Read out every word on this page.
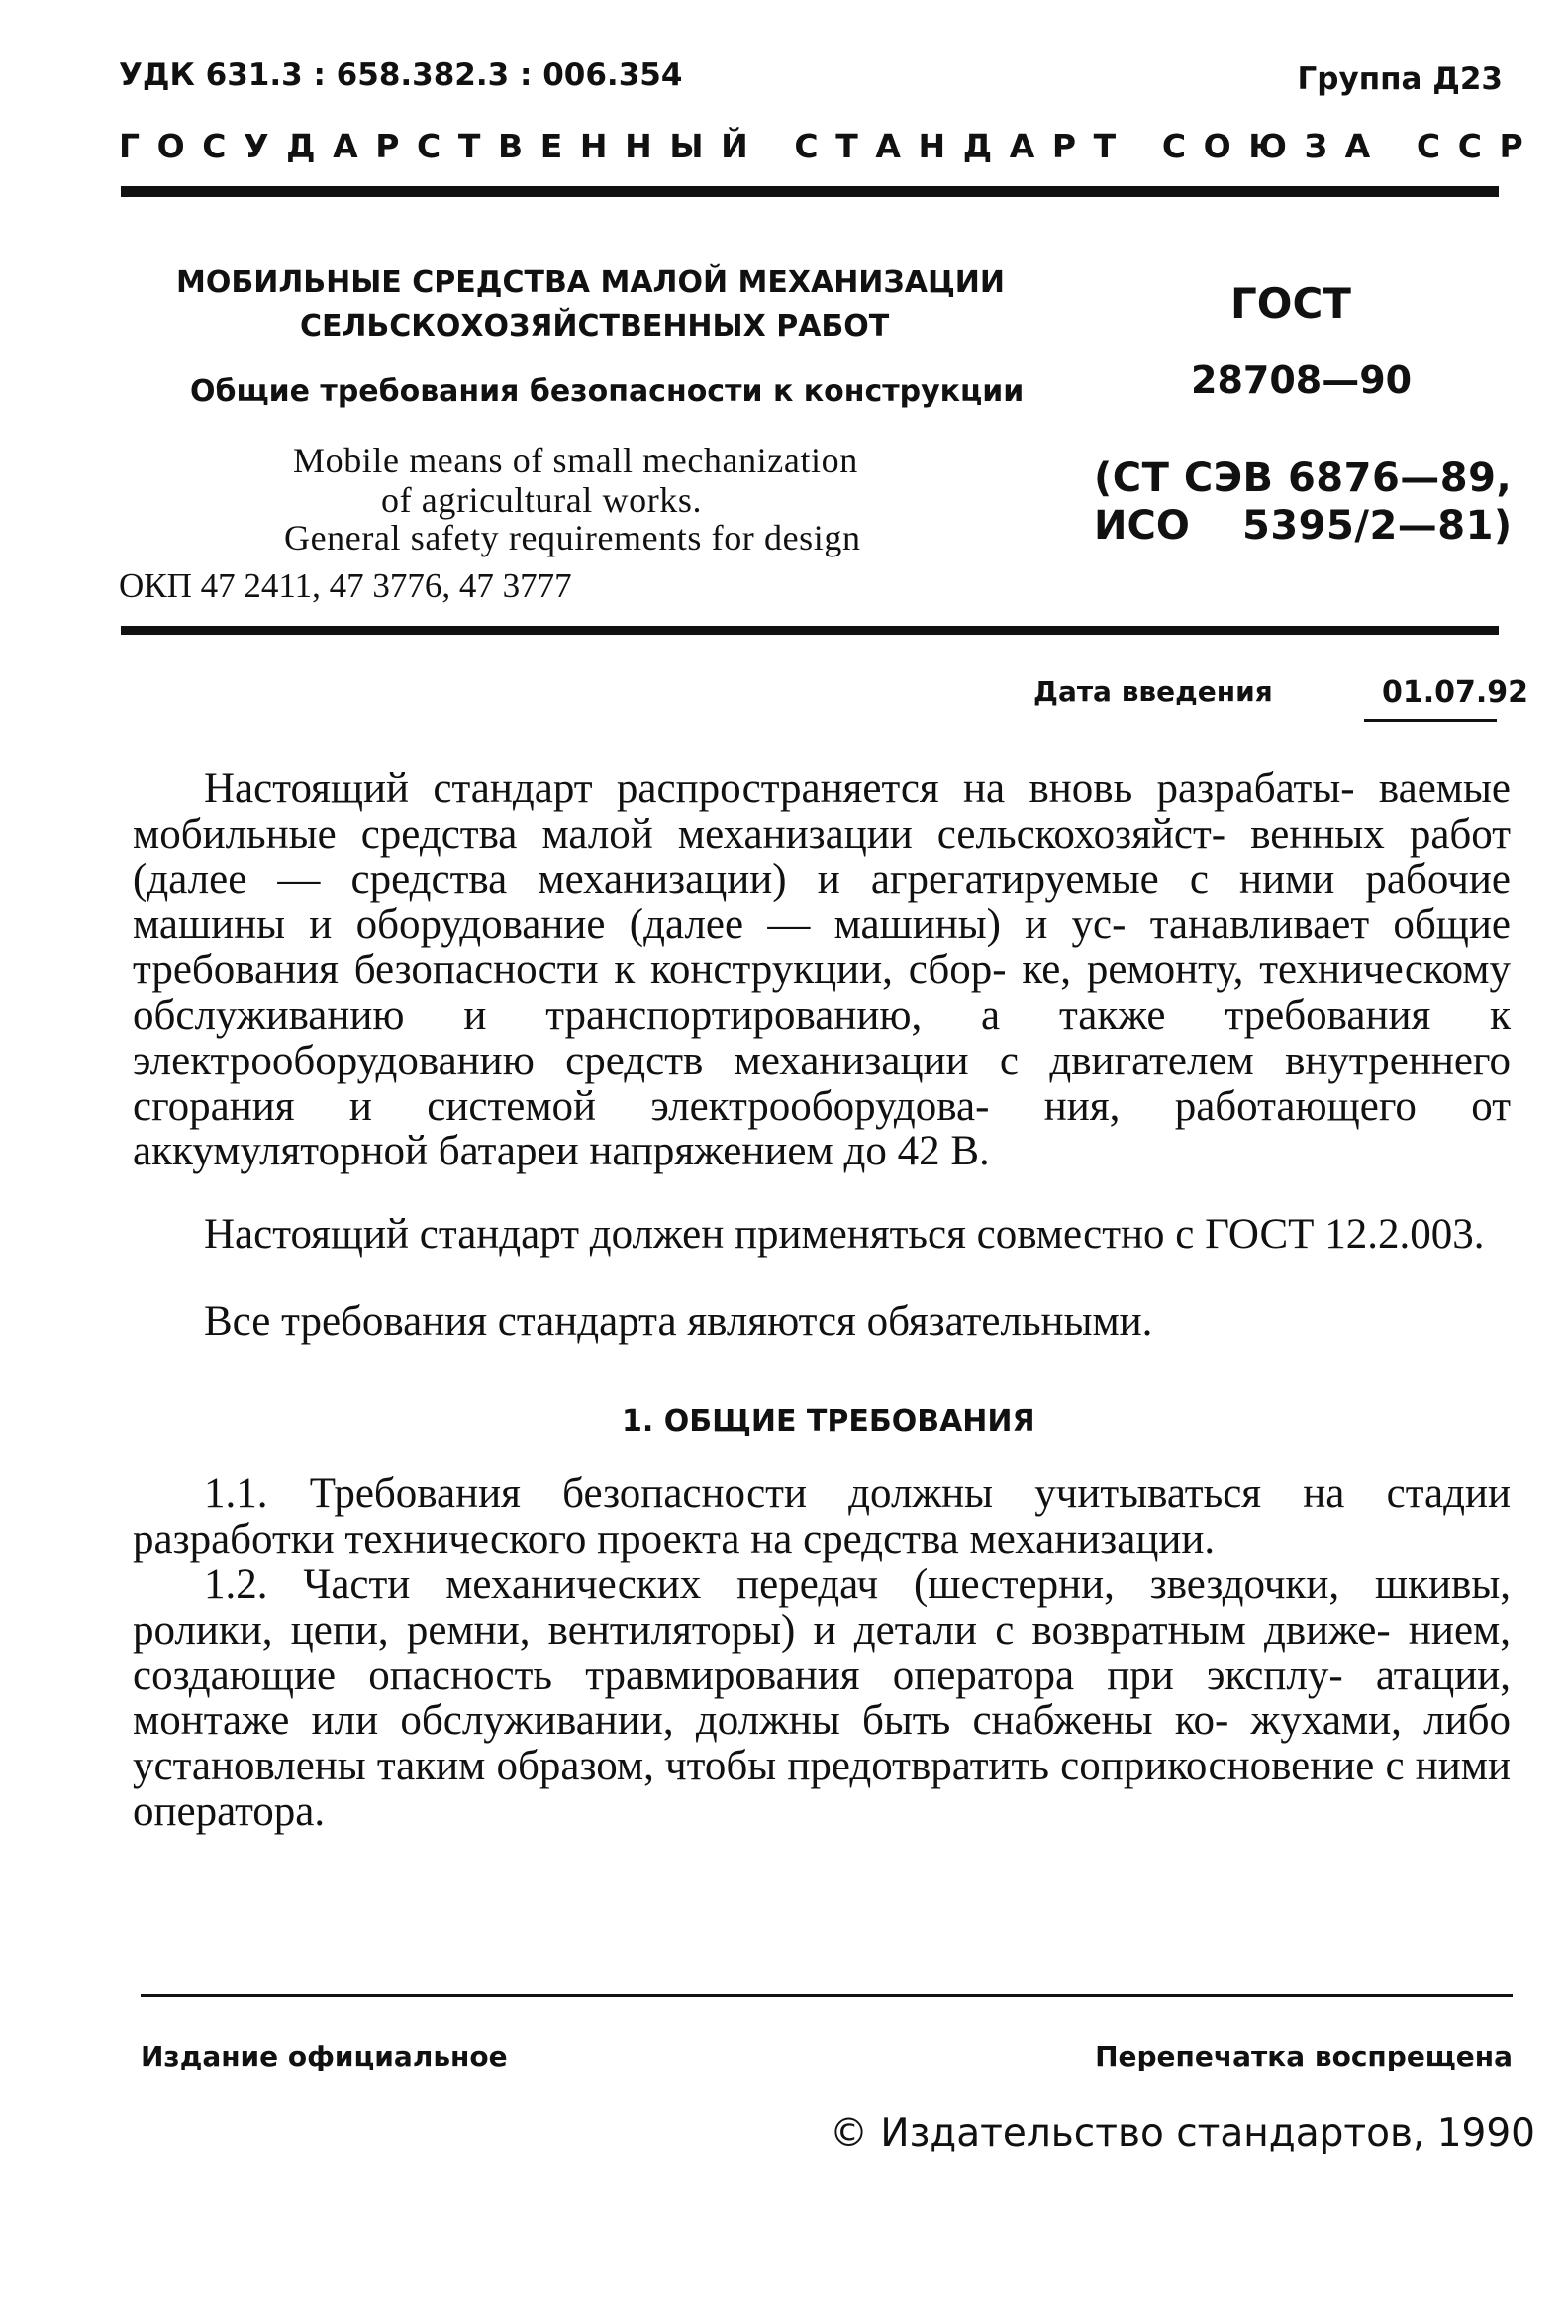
УДК 631.3 : 658.382.3 : 006.354	Группа Д23
ГОСУДАРСТВЕННЫЙ СТАНДАРТ СОЮЗА ССР
МОБИЛЬНЫЕ СРЕДСТВА МАЛОЙ МЕХАНИЗАЦИИ
СЕЛЬСКОХОЗЯЙСТВЕННЫХ РАБОТ
Общие требования безопасности к конструкции
Mobile means of small mechanization
of agricultural works.
General safety requirements for design
ОКП 47 2411, 47 3776, 47 3777
ГОСТ
28708—90
(СТ СЭВ 6876—89,
ИСО 5395/2—81)
Дата введения	01.07.92

Настоящий стандарт распространяется на вновь разрабаты- ваемые мобильные средства малой механизации сельскохозяйст- венных работ (далее — средства механизации) и агрегатируемые с ними рабочие машины и оборудование (далее — машины) и ус- танавливает общие требования безопасности к конструкции, сбор- ке, ремонту, техническому обслуживанию и транспортированию, а также требования к электрооборудованию средств механизации с двигателем внутреннего сгорания и системой электрооборудова- ния, работающего от аккумуляторной батареи напряжением до 42 В.

Настоящий стандарт должен применяться совместно с ГОСТ 12.2.003.

Все требования стандарта являются обязательными.

1. ОБЩИЕ ТРЕБОВАНИЯ

1.1. Требования безопасности должны учитываться на стадии разработки технического проекта на средства механизации.

1.2. Части механических передач (шестерни, звездочки, шкивы, ролики, цепи, ремни, вентиляторы) и детали с возвратным движе- нием, создающие опасность травмирования оператора при эксплу- атации, монтаже или обслуживании, должны быть снабжены ко- жухами, либо установлены таким образом, чтобы предотвратить соприкосновение с ними оператора.

Издание официальное	Перепечатка воспрещена
© Издательство стандартов, 1990
